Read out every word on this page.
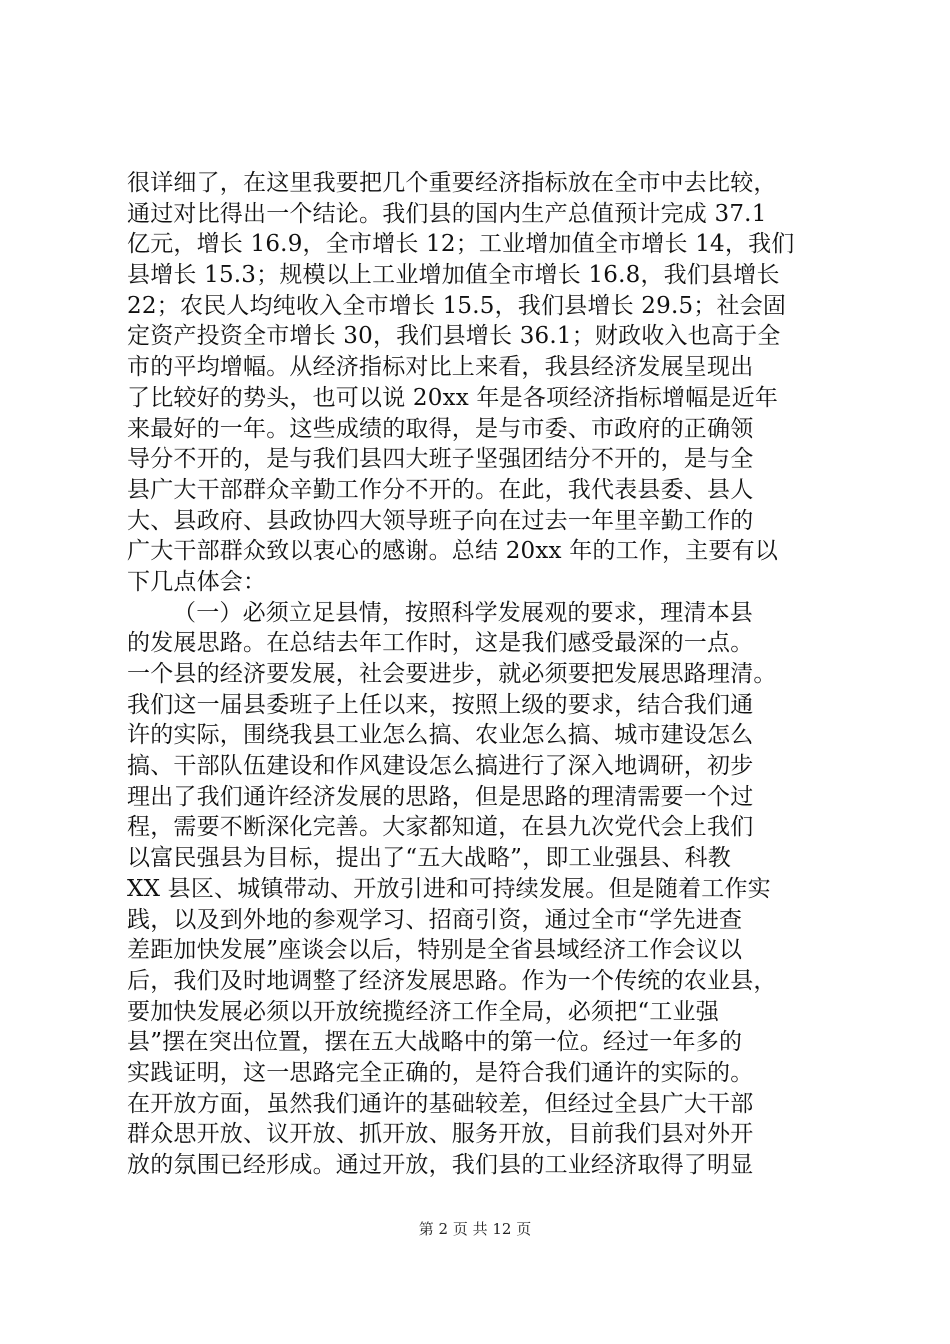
很详细了，在这里我要把几个重要经济指标放在全市中去比较，
通过对比得出一个结论。我们县的国内生产总值预计完成 37.1
亿元，增长 16.9，全市增长 12；工业增加值全市增长 14，我们
县增长 15.3；规模以上工业增加值全市增长 16.8，我们县增长
22；农民人均纯收入全市增长 15.5，我们县增长 29.5；社会固
定资产投资全市增长 30，我们县增长 36.1；财政收入也高于全
市的平均增幅。从经济指标对比上来看，我县经济发展呈现出
了比较好的势头，也可以说 20xx 年是各项经济指标增幅是近年
来最好的一年。这些成绩的取得，是与市委、市政府的正确领
导分不开的，是与我们县四大班子坚强团结分不开的，是与全
县广大干部群众辛勤工作分不开的。在此，我代表县委、县人
大、县政府、县政协四大领导班子向在过去一年里辛勤工作的
广大干部群众致以衷心的感谢。总结 20xx 年的工作，主要有以
下几点体会：
（一）必须立足县情，按照科学发展观的要求，理清本县
的发展思路。在总结去年工作时，这是我们感受最深的一点。
一个县的经济要发展，社会要进步，就必须要把发展思路理清。
我们这一届县委班子上任以来，按照上级的要求，结合我们通
许的实际，围绕我县工业怎么搞、农业怎么搞、城市建设怎么
搞、干部队伍建设和作风建设怎么搞进行了深入地调研，初步
理出了我们通许经济发展的思路，但是思路的理清需要一个过
程，需要不断深化完善。大家都知道，在县九次党代会上我们
以富民强县为目标，提出了“五大战略”，即工业强县、科教
XX 县区、城镇带动、开放引进和可持续发展。但是随着工作实
践，以及到外地的参观学习、招商引资，通过全市“学先进查
差距加快发展”座谈会以后，特别是全省县域经济工作会议以
后，我们及时地调整了经济发展思路。作为一个传统的农业县，
要加快发展必须以开放统揽经济工作全局，必须把“工业强
县”摆在突出位置，摆在五大战略中的第一位。经过一年多的
实践证明，这一思路完全正确的，是符合我们通许的实际的。
在开放方面，虽然我们通许的基础较差，但经过全县广大干部
群众思开放、议开放、抓开放、服务开放，目前我们县对外开
放的氛围已经形成。通过开放，我们县的工业经济取得了明显
第 2 页 共 12 页
